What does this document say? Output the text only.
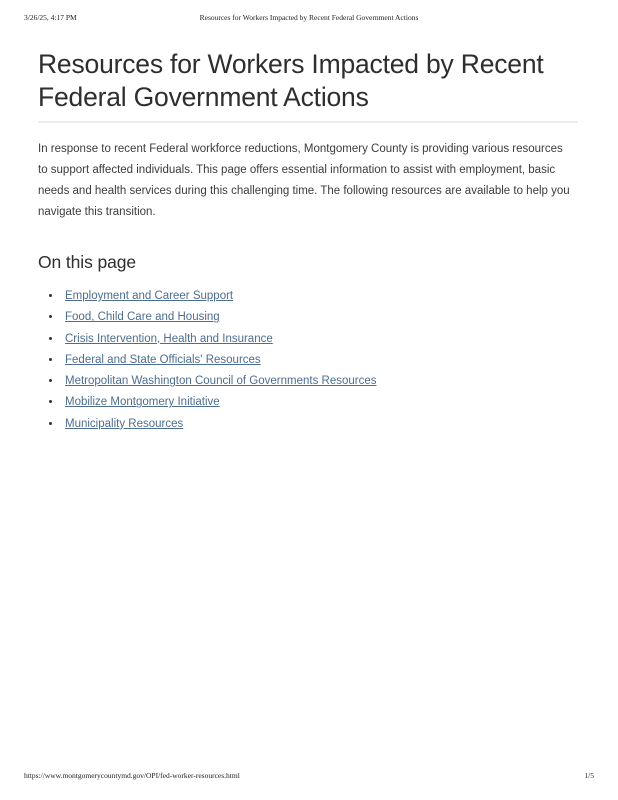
3/26/25, 4:17 PM	Resources for Workers Impacted by Recent Federal Government Actions
Resources for Workers Impacted by Recent Federal Government Actions

In response to recent Federal workforce reductions, Montgomery County is providing various resources to support affected individuals. This page offers essential information to assist with employment, basic needs and health services during this challenging time. The following resources are available to help you navigate this transition.

On this page
• Employment and Career Support
• Food, Child Care and Housing
• Crisis Intervention, Health and Insurance
• Federal and State Officials' Resources
• Metropolitan Washington Council of Governments Resources
• Mobilize Montgomery Initiative
• Municipality Resources
https://www.montgomerycountymd.gov/OPI/fed-worker-resources.html	1/5
